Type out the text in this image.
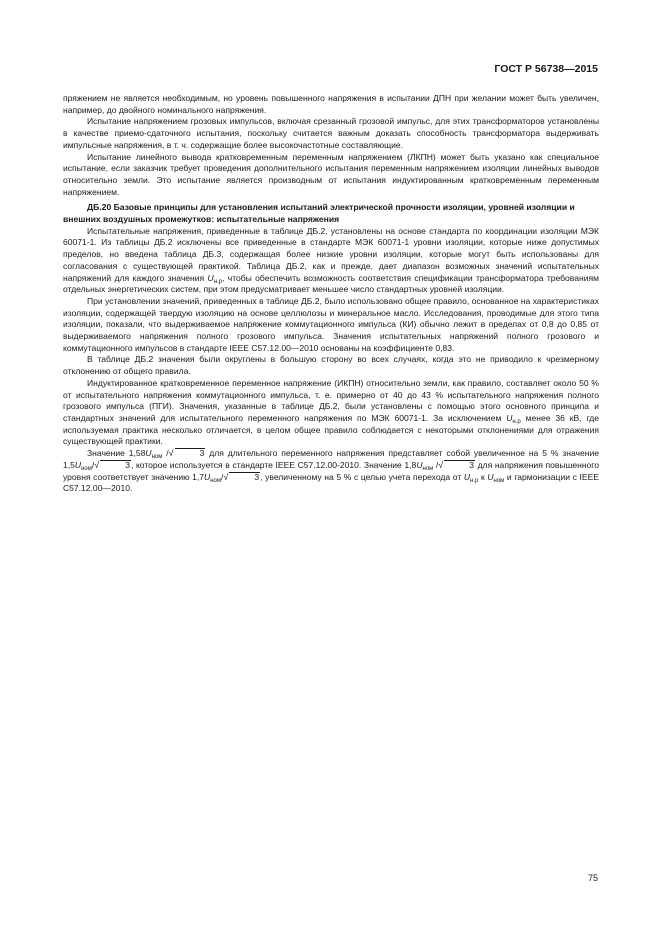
ГОСТ Р 56738—2015

пряжением не является необходимым, но уровень повышенного напряжения в испытании ДПН при желании может быть увеличен, например, до двойного номинального напряжения.

Испытание напряжением грозовых импульсов, включая срезанный грозовой импульс, для этих трансформаторов установлены в качестве приемо-сдаточного испытания, поскольку считается важным доказать способность трансформатора выдерживать импульсные напряжения, в т. ч. содержащие более высокочастотные составляющие.

Испытание линейного вывода кратковременным переменным напряжением (ЛКПН) может быть указано как специальное испытание, если заказчик требует проведения дополнительного испытания переменным напряжением изоляции линейных выводов относительно земли. Это испытание является производным от испытания индуктированным кратковременным переменным напряжением.

ДБ.20 Базовые принципы для установления испытаний электрической прочности изоляции, уровней изоляции и внешних воздушных промежутков: испытательные напряжения

Испытательные напряжения, приведенные в таблице ДБ.2, установлены на основе стандарта по координации изоляции МЭК 60071-1. Из таблицы ДБ.2 исключены все приведенные в стандарте МЭК 60071-1 уровни изоляции, которые ниже допустимых пределов, но введена таблица ДБ.3, содержащая более низкие уровни изоляции, которые могут быть использованы для согласования с существующей практикой. Таблица ДБ.2, как и прежде, дает диапазон возможных значений испытательных напряжений для каждого значения $U_{н.р}$, чтобы обеспечить возможность соответствия спецификации трансформатора требованиям отдельных энергетических систем, при этом предусматривает меньшее число стандартных уровней изоляции.

При установлении значений, приведенных в таблице ДБ.2, было использовано общее правило, основанное на характеристиках изоляции, содержащей твердую изоляцию на основе целлюлозы и минеральное масло. Исследования, проводимые для этого типа изоляции, показали, что выдерживаемое напряжение коммутационного импульса (КИ) обычно лежит в пределах от 0,8 до 0,85 от выдерживаемого напряжения полного грозового импульса. Значения испытательных напряжений полного грозового и коммутационного импульсов в стандарте IEEE C57.12.00—2010 основаны на коэффициенте 0,83.

В таблице ДБ.2 значения были округлены в большую сторону во всех случаях, когда это не приводило к чрезмерному отклонению от общего правила.

Индуктированное кратковременное переменное напряжение (ИКПН) относительно земли, как правило, составляет около 50 % от испытательного напряжения коммутационного импульса, т. е. примерно от 40 до 43 % испытательного напряжения полного грозового импульса (ПГИ). Значения, указанные в таблице ДБ.2, были установлены с помощью этого основного принципа и стандартных значений для испытательного переменного напряжения по МЭК 60071-1. За исключением $U_{н.р}$ менее 36 кВ, где используемая практика несколько отличается, в целом общее правило соблюдается с некоторыми отклонениями для отражения существующей практики.

Значение $1,58U_{ном}$ /√	3 для длительного переменного напряжения представляет собой увеличенное на 5 % значение $1,5U_{ном}/√$	3, которое используется в стандарте IEEE C57.12.00-2010. Значение $1,8U_{ном}$ /√	3 для напряжения повышенного уровня соответствует значению $1,7U_{ном}/√$	3, увеличенному на 5 % с целью учета перехода от $U_{н.р}$ к $U_{ном}$ и гармонизации с IEEE C57.12.00—2010.

75
